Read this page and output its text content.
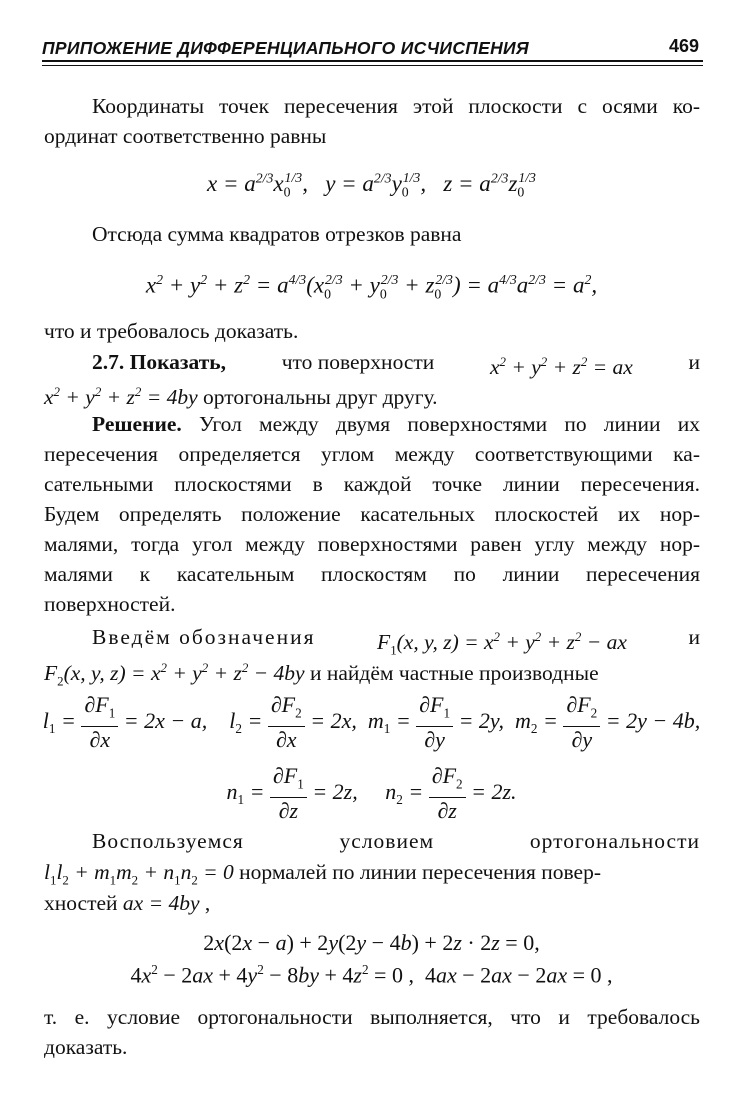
ПРИПОЖЕНИЕ ДИФФЕРЕНЦИАПЬНОГО ИСЧИСПЕНИЯ	469
Координаты точек пересечения этой плоскости с осями ко-
ординат соответственно равны
$x = a^{2/3}x_0^{1/3}$,   $y = a^{2/3}y_0^{1/3}$,   $z = a^{2/3}z_0^{1/3}$
Отсюда сумма квадратов отрезков равна
$x^2 + y^2 + z^2 = a^{4/3}(x_0^{2/3} + y_0^{2/3} + z_0^{2/3}) = a^{4/3}a^{2/3} = a^2$,
что и требовалось доказать.
2.7. Показать,	что поверхности	$x^2 + y^2 + z^2$ = ax	и
$x^2 + y^2 + z^2 = 4by$ ортогональны друг другу.
Решение. Угол между двумя поверхностями по линии их
пересечения определяется углом между соответствующими ка-
сательными плоскостями в каждой точке линии пересечения.
Будем определять положение касательных плоскостей их нор-
малями, тогда угол между поверхностями равен углу между нор-
малями к касательным плоскостям по линии пересечения
поверхностей.
Введём обозначения	$F_1(x$, y, $z) = x^2 + y^2 + z^2$ − ax	и
$F_2(x$, y, $z) = x^2 + y^2 + z^2 - 4by$ и найдём частные производные
$l_1 = \frac{\partial F_1}{\partial x} = 2x - a$,    $l_2 = \frac{\partial F_2}{\partial x} = 2x$,  $m_1 = \frac{\partial F_1}{\partial y} = 2y$,  $m_2 = \frac{\partial F_2}{\partial y} = 2y - 4b$,
$n_1 = \frac{\partial F_1}{\partial z} = 2z$,     $n_2 = \frac{\partial F_2}{\partial z} = 2z$.
Воспользуемся условием ортогональности
$l_1l_2 + m_1m_2 + n_1n_2 = 0$ нормалей по линии пересечения повер-
хностей ax = 4by ,
2x(2x − a) + 2y(2y − 4b) + 2z · 2z = 0,
$4x^2 - 2ax + 4y^2 - 8by + 4z^2 = 0$ ,  4ax − 2ax − 2ax = 0 ,
т. е. условие ортогональности выполняется, что и требовалось
доказать.
